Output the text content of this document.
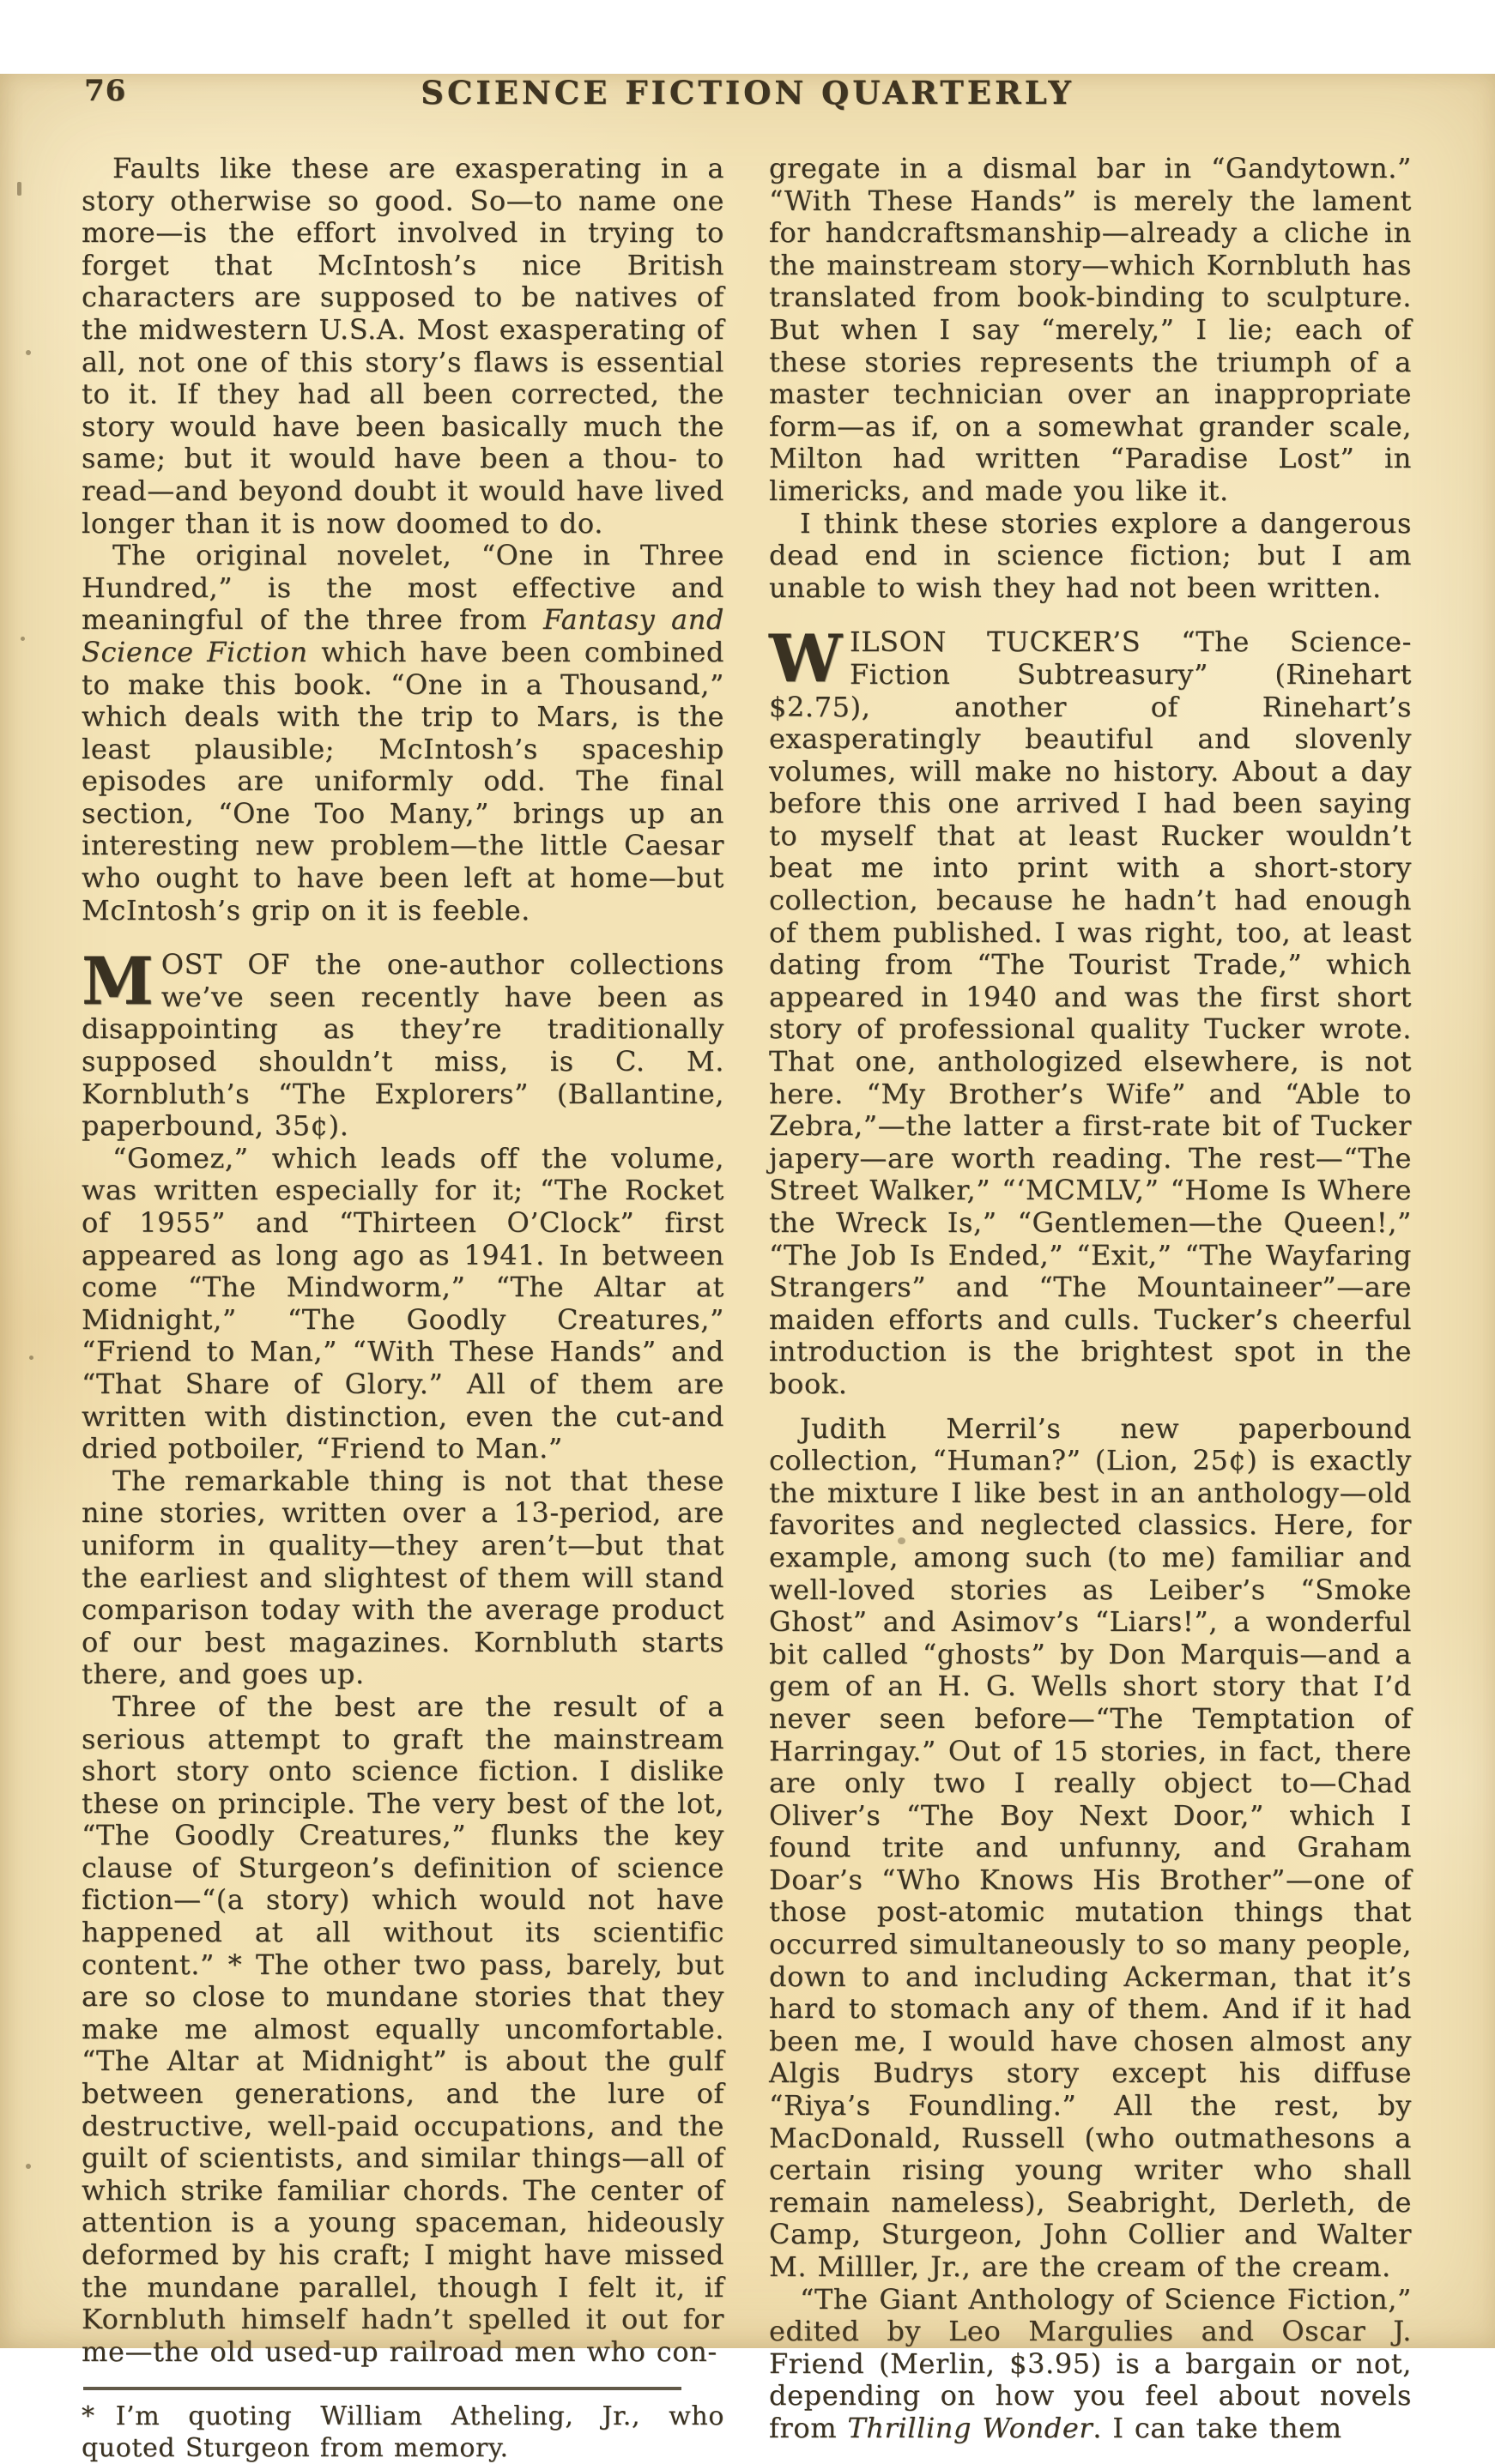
76	SCIENCE FICTION QUARTERLY

Faults like these are exasperating in a story otherwise so good. So—to name one more—is the effort involved in trying to forget that McIntosh’s nice British characters are supposed to be natives of the midwestern U.S.A. Most exasperating of all, not one of this story’s flaws is essential to it. If they had all been corrected, the story would have been basically much the same; but it would have been a thou- to read—and beyond doubt it would have lived longer than it is now doomed to do.

The original novelet, “One in Three Hundred,” is the most effective and meaningful of the three from Fantasy and Science Fiction which have been combined to make this book. “One in a Thousand,” which deals with the trip to Mars, is the least plausible; McIntosh’s spaceship episodes are uniformly odd. The final section, “One Too Many,” brings up an interesting new problem—the little Caesar who ought to have been left at home—but McIntosh’s grip on it is feeble.

MOST OF the one-author collections we’ve seen recently have been as disappointing as they’re traditionally supposed shouldn’t miss, is C. M. Kornbluth’s “The Explorers” (Ballantine, paperbound, 35¢).

“Gomez,” which leads off the volume, was written especially for it; “The Rocket of 1955” and “Thirteen O’Clock” first appeared as long ago as 1941. In between come “The Mindworm,” “The Altar at Midnight,” “The Goodly Creatures,” “Friend to Man,” “With These Hands” and “That Share of Glory.” All of them are written with distinction, even the cut-and dried potboiler, “Friend to Man.”

The remarkable thing is not that these nine stories, written over a 13-period, are uniform in quality—they aren’t—but that the earliest and slightest of them will stand comparison today with the average product of our best magazines. Kornbluth starts there, and goes up.

Three of the best are the result of a serious attempt to graft the mainstream short story onto science fiction. I dislike these on principle. The very best of the lot, “The Goodly Creatures,” flunks the key clause of Sturgeon’s definition of science fiction—“(a story) which would not have happened at all without its scientific content.” * The other two pass, barely, but are so close to mundane stories that they make me almost equally uncomfortable. “The Altar at Midnight” is about the gulf between generations, and the lure of destructive, well-paid occupations, and the guilt of scientists, and similar things—all of which strike familiar chords. The center of attention is a young spaceman, hideously deformed by his craft; I might have missed the mundane parallel, though I felt it, if Kornbluth himself hadn’t spelled it out for me—the old used-up railroad men who con-

* I’m quoting William Atheling, Jr., who quoted Sturgeon from memory.

gregate in a dismal bar in “Gandytown.” “With These Hands” is merely the lament for handcraftsmanship—already a cliche in the mainstream story—which Kornbluth has translated from book-binding to sculpture. But when I say “merely,” I lie; each of these stories represents the triumph of a master technician over an inappropriate form—as if, on a somewhat grander scale, Milton had written “Paradise Lost” in limericks, and made you like it.

I think these stories explore a dangerous dead end in science fiction; but I am unable to wish they had not been written.

WILSON TUCKER’S “The Science-Fiction Subtreasury” (Rinehart $2.75), another of Rinehart’s exasperatingly beautiful and slovenly volumes, will make no history. About a day before this one arrived I had been saying to myself that at least Rucker wouldn’t beat me into print with a short-story collection, because he hadn’t had enough of them published. I was right, too, at least dating from “The Tourist Trade,” which appeared in 1940 and was the first short story of professional quality Tucker wrote. That one, anthologized elsewhere, is not here. “My Brother’s Wife” and “Able to Zebra,”—the latter a first-rate bit of Tucker japery—are worth reading. The rest—“The Street Walker,” “‘MCMLV,” “Home Is Where the Wreck Is,” “Gentlemen—the Queen!,” “The Job Is Ended,” “Exit,” “The Wayfaring Strangers” and “The Mountaineer”—are maiden efforts and culls. Tucker’s cheerful introduction is the brightest spot in the book.

Judith Merril’s new paperbound collection, “Human?” (Lion, 25¢) is exactly the mixture I like best in an anthology—old favorites and neglected classics. Here, for example, among such (to me) familiar and well-loved stories as Leiber’s “Smoke Ghost” and Asimov’s “Liars!”, a wonderful bit called “ghosts” by Don Marquis—and a gem of an H. G. Wells short story that I’d never seen before—“The Temptation of Harringay.” Out of 15 stories, in fact, there are only two I really object to—Chad Oliver’s “The Boy Next Door,” which I found trite and unfunny, and Graham Doar’s “Who Knows His Brother”—one of those post-atomic mutation things that occurred simultaneously to so many people, down to and including Ackerman, that it’s hard to stomach any of them. And if it had been me, I would have chosen almost any Algis Budrys story except his diffuse “Riya’s Foundling.” All the rest, by MacDonald, Russell (who outmathesons a certain rising young writer who shall remain nameless), Seabright, Derleth, de Camp, Sturgeon, John Collier and Walter M. Milller, Jr., are the cream of the cream.

“The Giant Anthology of Science Fiction,” edited by Leo Margulies and Oscar J. Friend (Merlin, $3.95) is a bargain or not, depending on how you feel about novels from Thrilling Wonder. I can take them
